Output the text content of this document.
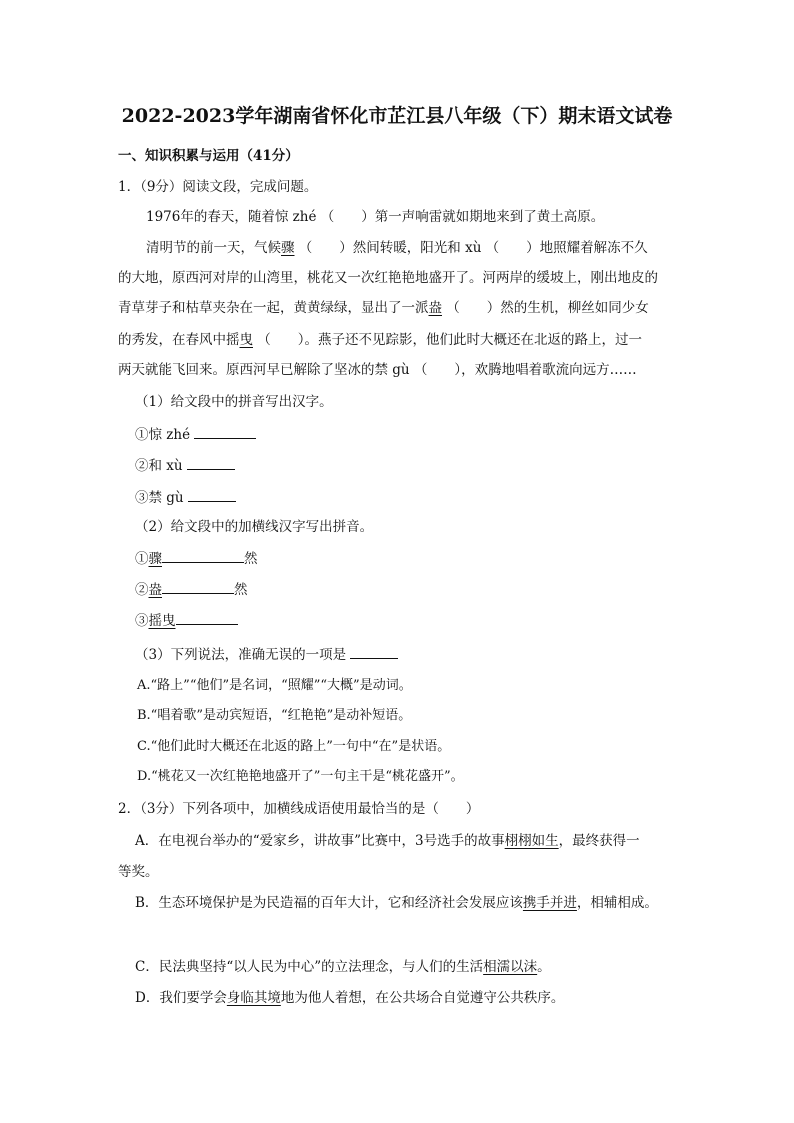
2022-2023学年湖南省怀化市芷江县八年级（下）期末语文试卷
一、知识积累与运用（41分）
1．（9分）阅读文段，完成问题。
1976年的春天，随着惊 zhé （　　）第一声响雷就如期地来到了黄土高原。
清明节的前一天，气候骤 （　　）然间转暖，阳光和 xù （　　）地照耀着解冻不久
的大地，原西河对岸的山湾里，桃花又一次红艳艳地盛开了。河两岸的缓坡上，刚出地皮的
青草芽子和枯草夹杂在一起，黄黄绿绿，显出了一派盎 （　　）然的生机，柳丝如同少女
的秀发，在春风中摇曳 （　　）。燕子还不见踪影，他们此时大概还在北返的路上，过一
两天就能飞回来。原西河早已解除了坚冰的禁 gù （　　），欢腾地唱着歌流向远方……
（1）给文段中的拼音写出汉字。
①惊 zhé
②和 xù
③禁 gù
（2）给文段中的加横线汉字写出拼音。
①骤	然
②盎	然
③摇曳
（3）下列说法，准确无误的一项是
A.“路上”“他们”是名词，“照耀”“大概”是动词。
B.“唱着歌”是动宾短语，“红艳艳”是动补短语。
C.“他们此时大概还在北返的路上”一句中“在”是状语。
D.“桃花又一次红艳艳地盛开了”一句主干是“桃花盛开”。
2．（3分）下列各项中，加横线成语使用最恰当的是（　　）
A．在电视台举办的“爱家乡，讲故事”比赛中，3号选手的故事栩栩如生，最终获得一
等奖。
B．生态环境保护是为民造福的百年大计，它和经济社会发展应该携手并进，相辅相成。
C．民法典坚持“以人民为中心”的立法理念，与人们的生活相濡以沫。
D．我们要学会身临其境地为他人着想，在公共场合自觉遵守公共秩序。
